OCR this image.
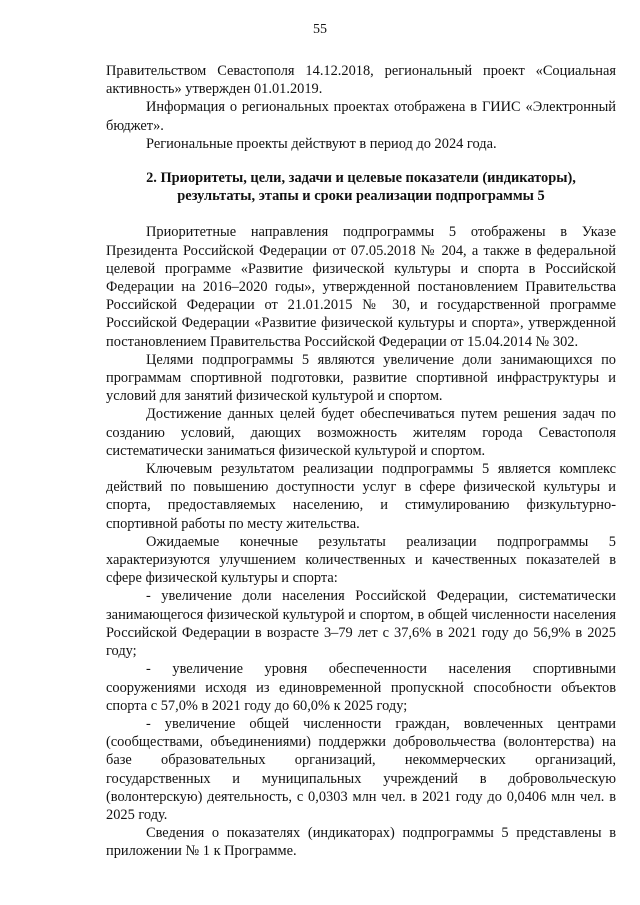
55

Правительством Севастополя 14.12.2018, региональный проект «Социальная активность» утвержден 01.01.2019.

Информация о региональных проектах отображена в ГИИС «Электронный бюджет».

Региональные проекты действуют в период до 2024 года.

2. Приоритеты, цели, задачи и целевые показатели (индикаторы), результаты, этапы и сроки реализации подпрограммы 5

Приоритетные направления подпрограммы 5 отображены в Указе Президента Российской Федерации от 07.05.2018 № 204, а также в федеральной целевой программе «Развитие физической культуры и спорта в Российской Федерации на 2016–2020 годы», утвержденной постановлением Правительства Российской Федерации от 21.01.2015 № 30, и государственной программе Российской Федерации «Развитие физической культуры и спорта», утвержденной постановлением Правительства Российской Федерации от 15.04.2014 № 302.

Целями подпрограммы 5 являются увеличение доли занимающихся по программам спортивной подготовки, развитие спортивной инфраструктуры и условий для занятий физической культурой и спортом.

Достижение данных целей будет обеспечиваться путем решения задач по созданию условий, дающих возможность жителям города Севастополя систематически заниматься физической культурой и спортом.

Ключевым результатом реализации подпрограммы 5 является комплекс действий по повышению доступности услуг в сфере физической культуры и спорта, предоставляемых населению, и стимулированию физкультурно-спортивной работы по месту жительства.

Ожидаемые конечные результаты реализации подпрограммы 5 характеризуются улучшением количественных и качественных показателей в сфере физической культуры и спорта:

- увеличение доли населения Российской Федерации, систематически занимающегося физической культурой и спортом, в общей численности населения Российской Федерации в возрасте 3–79 лет с 37,6% в 2021 году до 56,9% в 2025 году;

- увеличение уровня обеспеченности населения спортивными сооружениями исходя из единовременной пропускной способности объектов спорта с 57,0% в 2021 году до 60,0% к 2025 году;

- увеличение общей численности граждан, вовлеченных центрами (сообществами, объединениями) поддержки добровольчества (волонтерства) на базе образовательных организаций, некоммерческих организаций, государственных и муниципальных учреждений в добровольческую (волонтерскую) деятельность, с 0,0303 млн чел. в 2021 году до 0,0406 млн чел. в 2025 году.

Сведения о показателях (индикаторах) подпрограммы 5 представлены в приложении № 1 к Программе.
